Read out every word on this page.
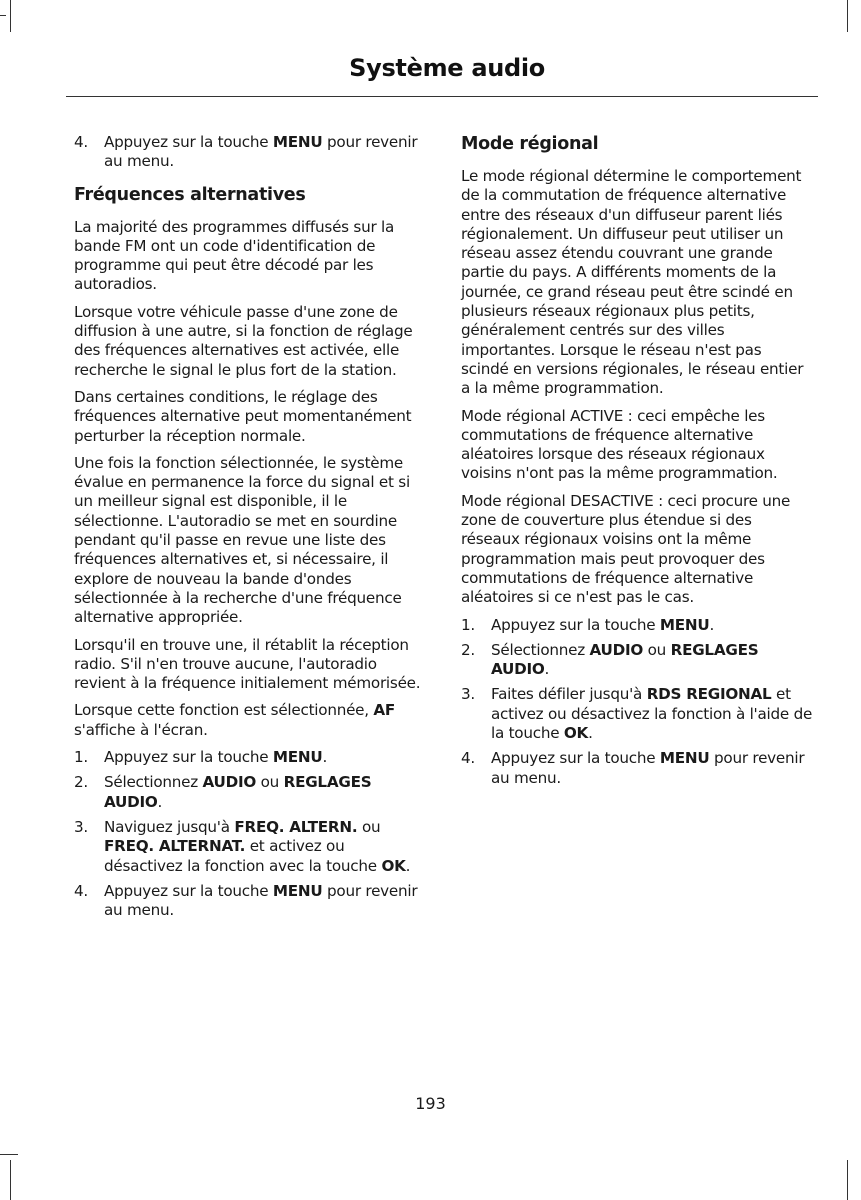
Système audio
4.	Appuyez sur la touche MENU pour revenir au menu.
Fréquences alternatives

La majorité des programmes diffusés sur la bande FM ont un code d'identification de programme qui peut être décodé par les autoradios.

Lorsque votre véhicule passe d'une zone de diffusion à une autre, si la fonction de réglage des fréquences alternatives est activée, elle recherche le signal le plus fort de la station.

Dans certaines conditions, le réglage des fréquences alternative peut momentanément perturber la réception normale.

Une fois la fonction sélectionnée, le système évalue en permanence la force du signal et si un meilleur signal est disponible, il le sélectionne. L'autoradio se met en sourdine pendant qu'il passe en revue une liste des fréquences alternatives et, si nécessaire, il explore de nouveau la bande d'ondes sélectionnée à la recherche d'une fréquence alternative appropriée.

Lorsqu'il en trouve une, il rétablit la réception radio. S'il n'en trouve aucune, l'autoradio revient à la fréquence initialement mémorisée.

Lorsque cette fonction est sélectionnée, AF s'affiche à l'écran.

1.	Appuyez sur la touche MENU.
2.	Sélectionnez AUDIO ou REGLAGES AUDIO.
3.	Naviguez jusqu'à FREQ. ALTERN. ou FREQ. ALTERNAT. et activez ou désactivez la fonction avec la touche OK.
4.	Appuyez sur la touche MENU pour revenir au menu.
Mode régional

Le mode régional détermine le comportement de la commutation de fréquence alternative entre des réseaux d'un diffuseur parent liés régionalement. Un diffuseur peut utiliser un réseau assez étendu couvrant une grande partie du pays. A différents moments de la journée, ce grand réseau peut être scindé en plusieurs réseaux régionaux plus petits, généralement centrés sur des villes importantes. Lorsque le réseau n'est pas scindé en versions régionales, le réseau entier a la même programmation.

Mode régional ACTIVE : ceci empêche les commutations de fréquence alternative aléatoires lorsque des réseaux régionaux voisins n'ont pas la même programmation.

Mode régional DESACTIVE : ceci procure une zone de couverture plus étendue si des réseaux régionaux voisins ont la même programmation mais peut provoquer des commutations de fréquence alternative aléatoires si ce n'est pas le cas.

1.	Appuyez sur la touche MENU.
2.	Sélectionnez AUDIO ou REGLAGES AUDIO.
3.	Faites défiler jusqu'à RDS REGIONAL et activez ou désactivez la fonction à l'aide de la touche OK.
4.	Appuyez sur la touche MENU pour revenir au menu.
193
